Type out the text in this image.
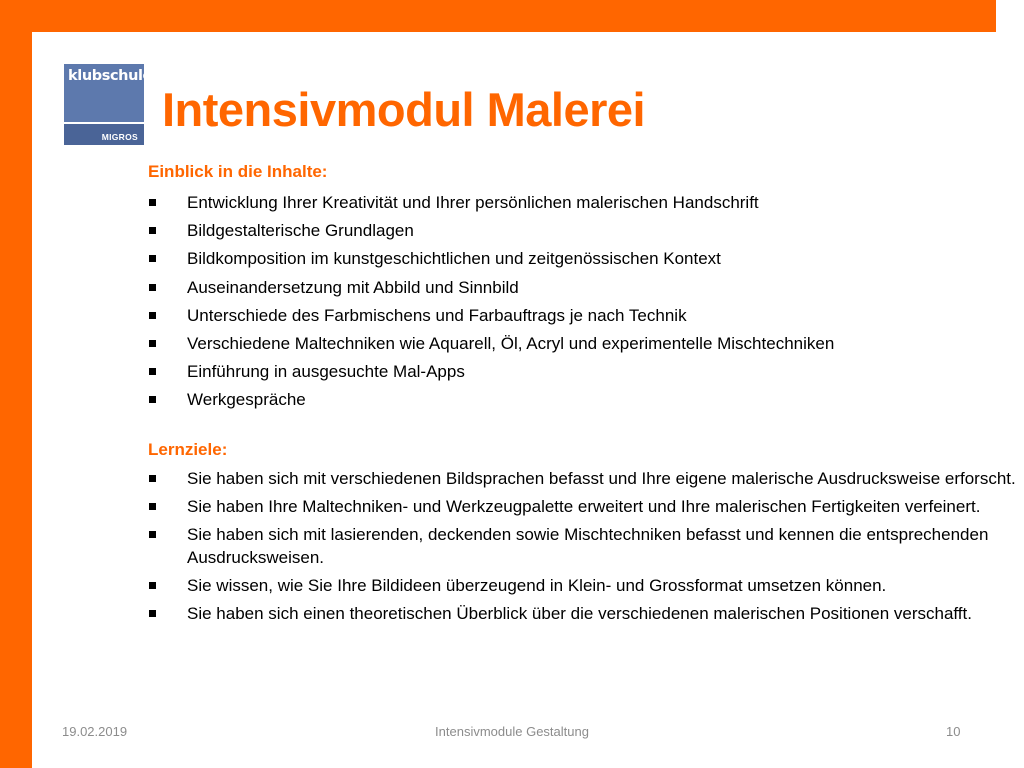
klubschule
MIGROS
Intensivmodul Malerei
Einblick in die Inhalte:
Entwicklung Ihrer Kreativität und Ihrer persönlichen malerischen Handschrift
Bildgestalterische Grundlagen
Bildkomposition im kunstgeschichtlichen und zeitgenössischen Kontext
Auseinandersetzung mit Abbild und Sinnbild
Unterschiede des Farbmischens und Farbauftrags je nach Technik
Verschiedene Maltechniken wie Aquarell, Öl, Acryl und experimentelle Mischtechniken
Einführung in ausgesuchte Mal-Apps
Werkgespräche
Lernziele:
Sie haben sich mit verschiedenen Bildsprachen befasst und Ihre eigene malerische Ausdrucksweise erforscht.
Sie haben Ihre Maltechniken- und Werkzeugpalette erweitert und Ihre malerischen Fertigkeiten verfeinert.
Sie haben sich mit lasierenden, deckenden sowie Mischtechniken befasst und kennen die entsprechenden Ausdrucksweisen.
Sie wissen, wie Sie Ihre Bildideen überzeugend in Klein- und Grossformat umsetzen können.
Sie haben sich einen theoretischen Überblick über die verschiedenen malerischen Positionen verschafft.
19.02.2019	Intensivmodule Gestaltung	10
